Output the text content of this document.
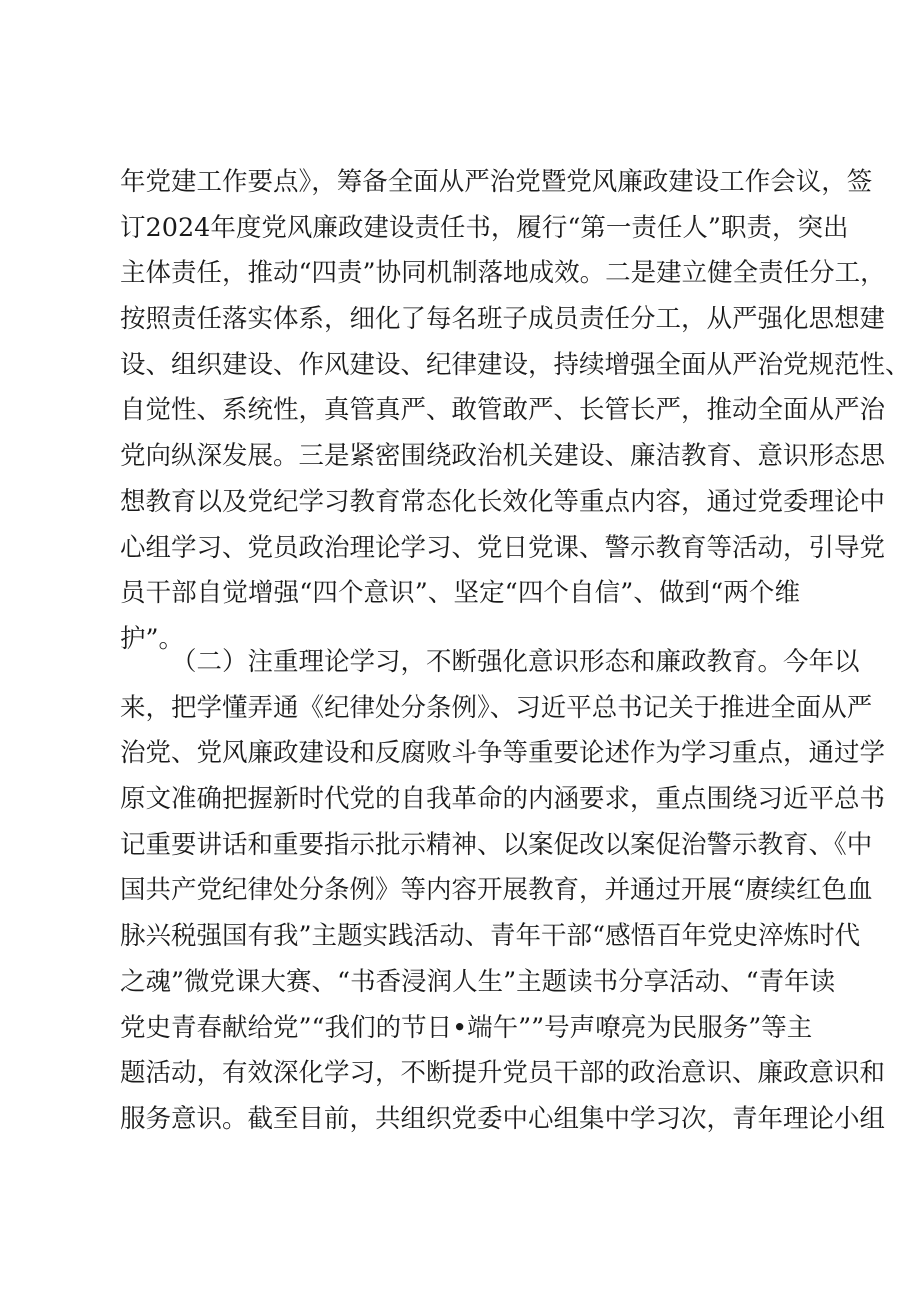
年党建工作要点》，筹备全面从严治党暨党风廉政建设工作会议，签
订2024年度党风廉政建设责任书，履行“第一责任人”职责，突出
主体责任，推动“四责”协同机制落地成效。二是建立健全责任分工，
按照责任落实体系，细化了每名班子成员责任分工，从严强化思想建
设、组织建设、作风建设、纪律建设，持续增强全面从严治党规范性、
自觉性、系统性，真管真严、敢管敢严、长管长严，推动全面从严治
党向纵深发展。三是紧密围绕政治机关建设、廉洁教育、意识形态思
想教育以及党纪学习教育常态化长效化等重点内容，通过党委理论中
心组学习、党员政治理论学习、党日党课、警示教育等活动，引导党
员干部自觉增强“四个意识”、坚定“四个自信”、做到“两个维
护”。
（二）注重理论学习，不断强化意识形态和廉政教育。今年以
来，把学懂弄通《纪律处分条例》、习近平总书记关于推进全面从严
治党、党风廉政建设和反腐败斗争等重要论述作为学习重点，通过学
原文准确把握新时代党的自我革命的内涵要求，重点围绕习近平总书
记重要讲话和重要指示批示精神、以案促改以案促治警示教育、《中
国共产党纪律处分条例》等内容开展教育，并通过开展“赓续红色血
脉兴税强国有我”主题实践活动、青年干部“感悟百年党史淬炼时代
之魂”微党课大赛、“书香浸润人生”主题读书分享活动、“青年读
党史青春献给党”“我们的节日•端午””号声嘹亮为民服务”等主
题活动，有效深化学习，不断提升党员干部的政治意识、廉政意识和
服务意识。截至目前，共组织党委中心组集中学习次，青年理论小组
